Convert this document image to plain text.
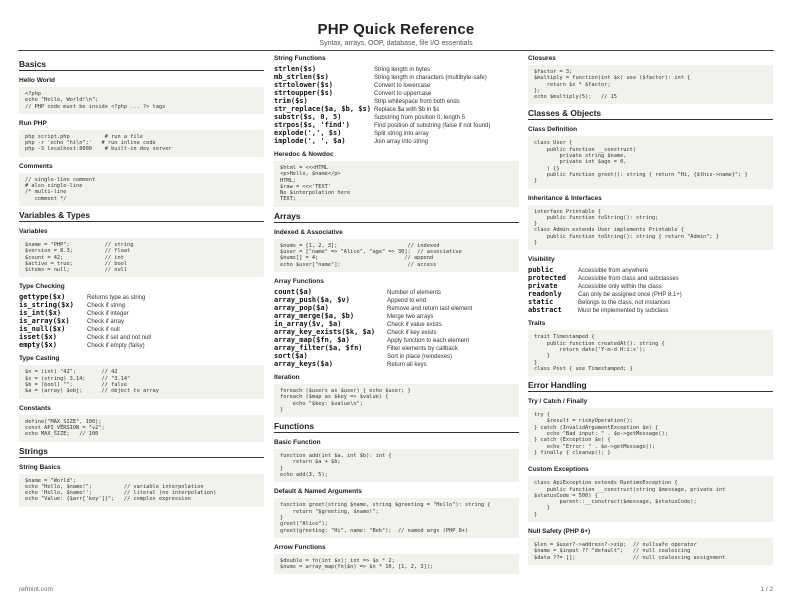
PHP Quick Reference
Syntax, arrays, OOP, database, file I/O essentials
Basics
Hello World
<?php
echo "Hello, World!\n";
// PHP code must be inside <?php ... ?> tags
Run PHP
php script.php           # run a file
php -r 'echo "hi\n";'   # run inline code
php -S localhost:8000    # built-in dev server
Comments
// single-line comment
# also single-line
/* multi-line
comment */
Variables & Types
Variables
$name = "PHP";           // string
$version = 8.3;          // float
$count = 42;             // int
$active = true;          // bool
$items = null;           // null
Type Checking
gettype($x)	Returns type as string
is_string($x)	Check if string
is_int($x)	Check if integer
is_array($x)	Check if array
is_null($x)	Check if null
isset($x)	Check if set and not null
empty($x)	Check if empty (falsy)
Type Casting
$n = (int) "42";        // 42
$s = (string) 3.14;     // "3.14"
$b = (bool) "";         // false
$a = (array) $obj;      // object to array
Constants
define("MAX_SIZE", 100);
const API_VERSION = "v2";
echo MAX_SIZE;   // 100
Strings
String Basics
$name = "World";
echo "Hello, $name!";          // variable interpolation
echo 'Hello, $name!';          // literal (no interpolation)
echo "Value: {$arr['key']}";   // complex expression
String Functions
strlen($s)	String length in bytes
mb_strlen($s)	String length in characters (multibyte-safe)
strtolower($s)	Convert to lowercase
strtoupper($s)	Convert to uppercase
trim($s)	Strip whitespace from both ends
str_replace($a, $b, $s) Replace $a with $b in $s
substr($s, 0, 5)	Substring from position 0, length 5
strpos($s, 'find')	Find position of substring (false if not found)
explode(',', $s)	Split string into array
implode(', ', $a)	Join array into string
Heredoc & Nowdoc
$html = <<<HTML
<p>Hello, $name</p>
HTML;
$raw = <<<'TEXT'
No $interpolation here
TEXT;
Arrays
Indexed & Associative
$nums = [1, 2, 3];                      // indexed
$user = ["name" => "Alice", "age" => 30];  // associative
$nums[] = 4;                           // append
echo $user["name"];                     // access
Array Functions
count($a)	Number of elements
array_push($a, $v)	Append to end
array_pop($a)	Remove and return last element
array_merge($a, $b)	Merge two arrays
in_array($v, $a)	Check if value exists
array_key_exists($k, $a)	Check if key exists
array_map($fn, $a)	Apply function to each element
array_filter($a, $fn)	Filter elements by callback
sort($a)	Sort in place (reindexes)
array_keys($a)	Return all keys
Iteration
foreach ($users as $user) { echo $user; }
foreach ($map as $key => $value) {
echo "$key: $value\n";
}
Functions
Basic Function
function add(int $a, int $b): int {
return $a + $b;
}
echo add(3, 5);
Default & Named Arguments
function greet(string $name, string $greeting = "Hello"): string {
return "$greeting, $name!";
}
greet("Alice");
greet(greeting: "Hi", name: "Bob");  // named args (PHP 8+)
Arrow Functions
$double = fn(int $x): int => $x * 2;
$nums = array_map(fn($n) => $n * 10, [1, 2, 3]);
Closures
$factor = 3;
$multiply = function(int $x) use ($factor): int {
return $x * $factor;
};
echo $multiply(5);   // 15
Classes & Objects
Class Definition
class User {
public function __construct(
private string $name,
private int $age = 0,
) {}
public function greet(): string { return "Hi, {$this->name}"; }
}
Inheritance & Interfaces
interface Printable {
public function toString(): string;
}
class Admin extends User implements Printable {
public function toString(): string { return "Admin"; }
}
Visibility
public	Accessible from anywhere
protected	Accessible from class and subclasses
private	Accessible only within the class
readonly	Can only be assigned once (PHP 8.1+)
static	Belongs to the class, not instances
abstract	Must be implemented by subclass
Traits
trait Timestamped {
public function createdAt(): string {
return date('Y-m-d H:i:s');
}
}
class Post { use Timestamped; }
Error Handling
Try / Catch / Finally
try {
$result = riskyOperation();
} catch (InvalidArgumentException $e) {
echo "Bad input: " . $e->getMessage();
} catch (Exception $e) {
echo "Error: " . $e->getMessage();
} finally { cleanup(); }
Custom Exceptions
class ApiException extends RuntimeException {
public function __construct(string $message, private int
$statusCode = 500) {
parent::__construct($message, $statusCode);
}
}
Null Safety (PHP 8+)
$len = $user?->address?->zip;  // nullsafe operator
$name = $input ?? "default";   // null coalescing
$data ??= [];                  // null coalescing assignment
refmint.com	1 / 2
